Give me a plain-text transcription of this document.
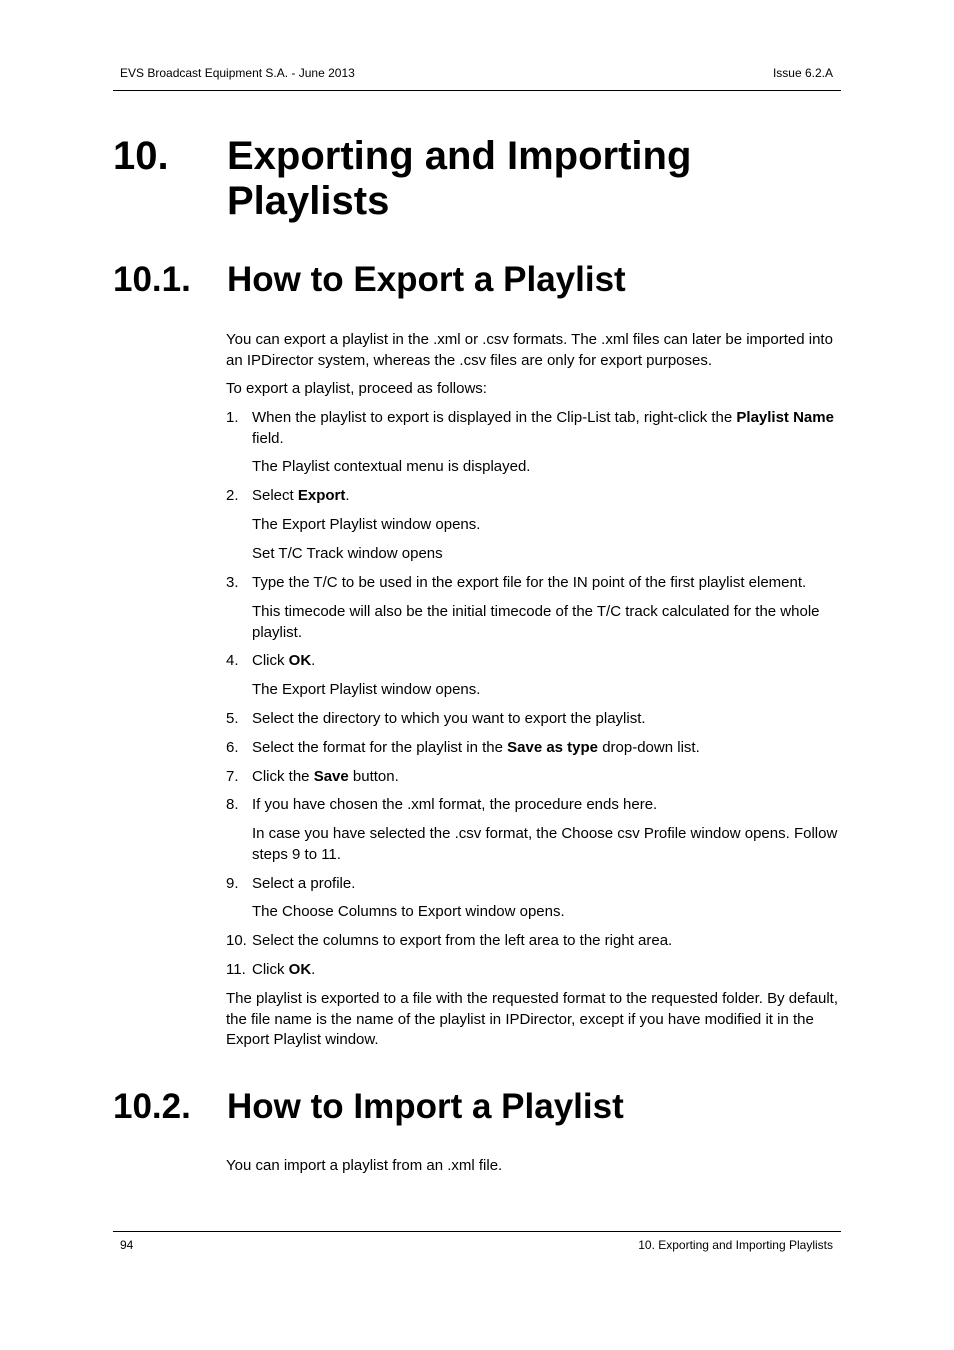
EVS Broadcast Equipment S.A. - June 2013	Issue 6.2.A
10. Exporting and Importing
Playlists
10.1. How to Export a Playlist
You can export a playlist in the .xml or .csv formats. The .xml files can later be imported into an IPDirector system, whereas the .csv files are only for export purposes.
To export a playlist, proceed as follows:
1. When the playlist to export is displayed in the Clip-List tab, right-click the Playlist Name field.
The Playlist contextual menu is displayed.
2. Select Export.
The Export Playlist window opens.
Set T/C Track window opens
3. Type the T/C to be used in the export file for the IN point of the first playlist element.
This timecode will also be the initial timecode of the T/C track calculated for the whole playlist.
4. Click OK.
The Export Playlist window opens.
5. Select the directory to which you want to export the playlist.
6. Select the format for the playlist in the Save as type drop-down list.
7. Click the Save button.
8. If you have chosen the .xml format, the procedure ends here.
In case you have selected the .csv format, the Choose csv Profile window opens. Follow steps 9 to 11.
9. Select a profile.
The Choose Columns to Export window opens.
10. Select the columns to export from the left area to the right area.
11. Click OK.
The playlist is exported to a file with the requested format to the requested folder. By default, the file name is the name of the playlist in IPDirector, except if you have modified it in the Export Playlist window.
10.2. How to Import a Playlist
You can import a playlist from an .xml file.
94	10. Exporting and Importing Playlists
